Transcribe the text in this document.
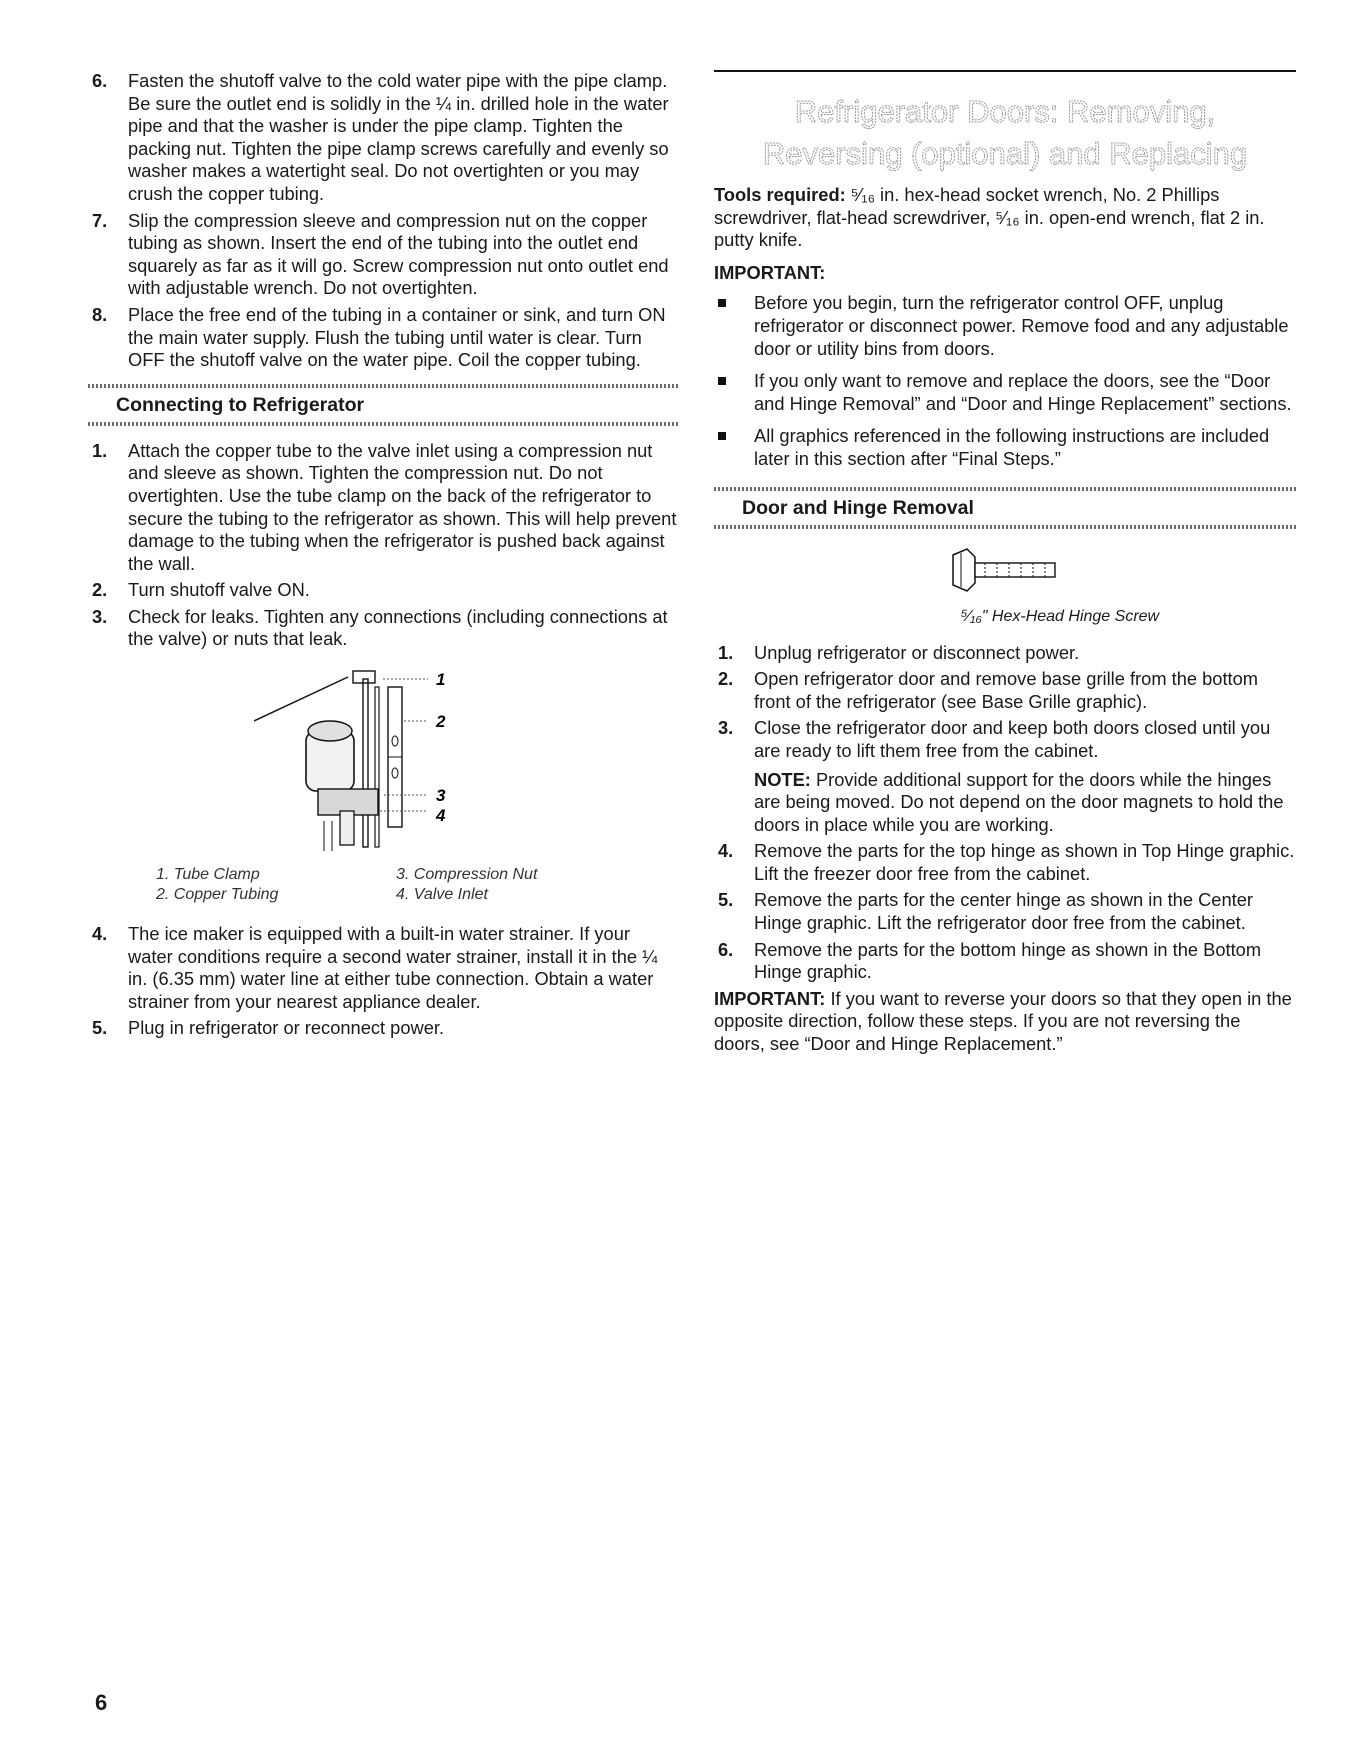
6. Fasten the shutoff valve to the cold water pipe with the pipe clamp. Be sure the outlet end is solidly in the ¼ in. drilled hole in the water pipe and that the washer is under the pipe clamp. Tighten the packing nut. Tighten the pipe clamp screws carefully and evenly so washer makes a watertight seal. Do not overtighten or you may crush the copper tubing.

7. Slip the compression sleeve and compression nut on the copper tubing as shown. Insert the end of the tubing into the outlet end squarely as far as it will go. Screw compression nut onto outlet end with adjustable wrench. Do not overtighten.

8. Place the free end of the tubing in a container or sink, and turn ON the main water supply. Flush the tubing until water is clear. Turn OFF the shutoff valve on the water pipe. Coil the copper tubing.

Connecting to Refrigerator
1. Attach the copper tube to the valve inlet using a compression nut and sleeve as shown. Tighten the compression nut. Do not overtighten. Use the tube clamp on the back of the refrigerator to secure the tubing to the refrigerator as shown. This will help prevent damage to the tubing when the refrigerator is pushed back against the wall.

2. Turn shutoff valve ON.

3. Check for leaks. Tighten any connections (including connections at the valve) or nuts that leak.

1
2
3
4
1. Tube Clamp	3. Compression Nut
2. Copper Tubing	4. Valve Inlet
4. The ice maker is equipped with a built-in water strainer. If your water conditions require a second water strainer, install it in the ¼ in. (6.35 mm) water line at either tube connection. Obtain a water strainer from your nearest appliance dealer.

5. Plug in refrigerator or reconnect power.

Refrigerator Doors: Removing,
Reversing (optional) and Replacing

Tools required: ⁵⁄₁₆ in. hex-head socket wrench, No. 2 Phillips screwdriver, flat-head screwdriver, ⁵⁄₁₆ in. open-end wrench, flat 2 in. putty knife.

IMPORTANT:

Before you begin, turn the refrigerator control OFF, unplug refrigerator or disconnect power. Remove food and any adjustable door or utility bins from doors.

If you only want to remove and replace the doors, see the “Door and Hinge Removal” and “Door and Hinge Replacement” sections.

All graphics referenced in the following instructions are included later in this section after “Final Steps.”

Door and Hinge Removal
⁵⁄₁₆" Hex-Head Hinge Screw
1. Unplug refrigerator or disconnect power.

2. Open refrigerator door and remove base grille from the bottom front of the refrigerator (see Base Grille graphic).

3. Close the refrigerator door and keep both doors closed until you are ready to lift them free from the cabinet.

NOTE: Provide additional support for the doors while the hinges are being moved. Do not depend on the door magnets to hold the doors in place while you are working.

4. Remove the parts for the top hinge as shown in Top Hinge graphic. Lift the freezer door free from the cabinet.

5. Remove the parts for the center hinge as shown in the Center Hinge graphic. Lift the refrigerator door free from the cabinet.

6. Remove the parts for the bottom hinge as shown in the Bottom Hinge graphic.

IMPORTANT: If you want to reverse your doors so that they open in the opposite direction, follow these steps. If you are not reversing the doors, see “Door and Hinge Replacement.”

6
